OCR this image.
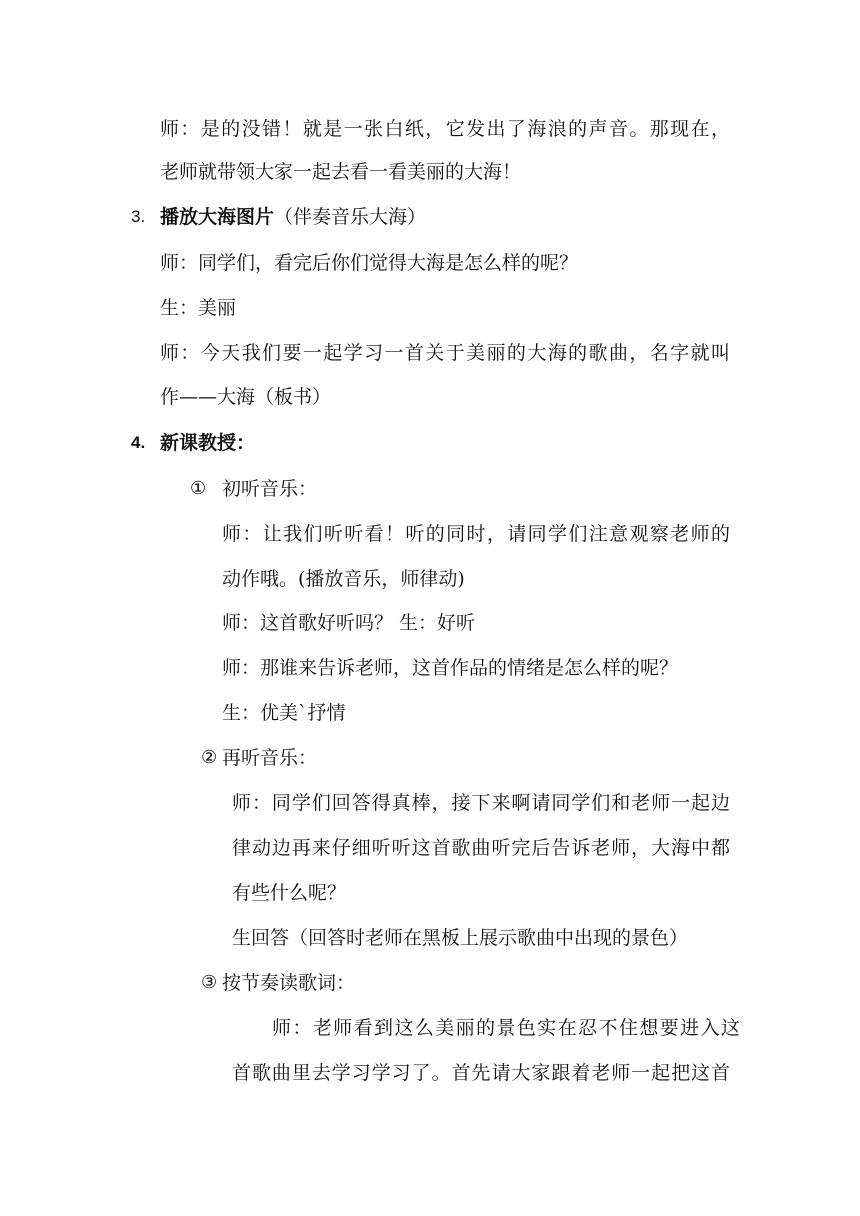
师：是的没错！就是一张白纸，它发出了海浪的声音。那现在，

老师就带领大家一起去看一看美丽的大海！

3. 播放大海图片（伴奏音乐大海）

师：同学们，看完后你们觉得大海是怎么样的呢？

生：美丽

师：今天我们要一起学习一首关于美丽的大海的歌曲，名字就叫

作——大海（板书）

4. 新课教授：

① 初听音乐：

师：让我们听听看！听的同时，请同学们注意观察老师的

动作哦。(播放音乐，师律动)

师：这首歌好听吗？ 生：好听

师：那谁来告诉老师，这首作品的情绪是怎么样的呢？

生：优美`抒情

② 再听音乐：

师：同学们回答得真棒，接下来啊请同学们和老师一起边

律动边再来仔细听听这首歌曲听完后告诉老师，大海中都

有些什么呢？

生回答（回答时老师在黑板上展示歌曲中出现的景色）

③ 按节奏读歌词：

师：老师看到这么美丽的景色实在忍不住想要进入这

首歌曲里去学习学习了。首先请大家跟着老师一起把这首
